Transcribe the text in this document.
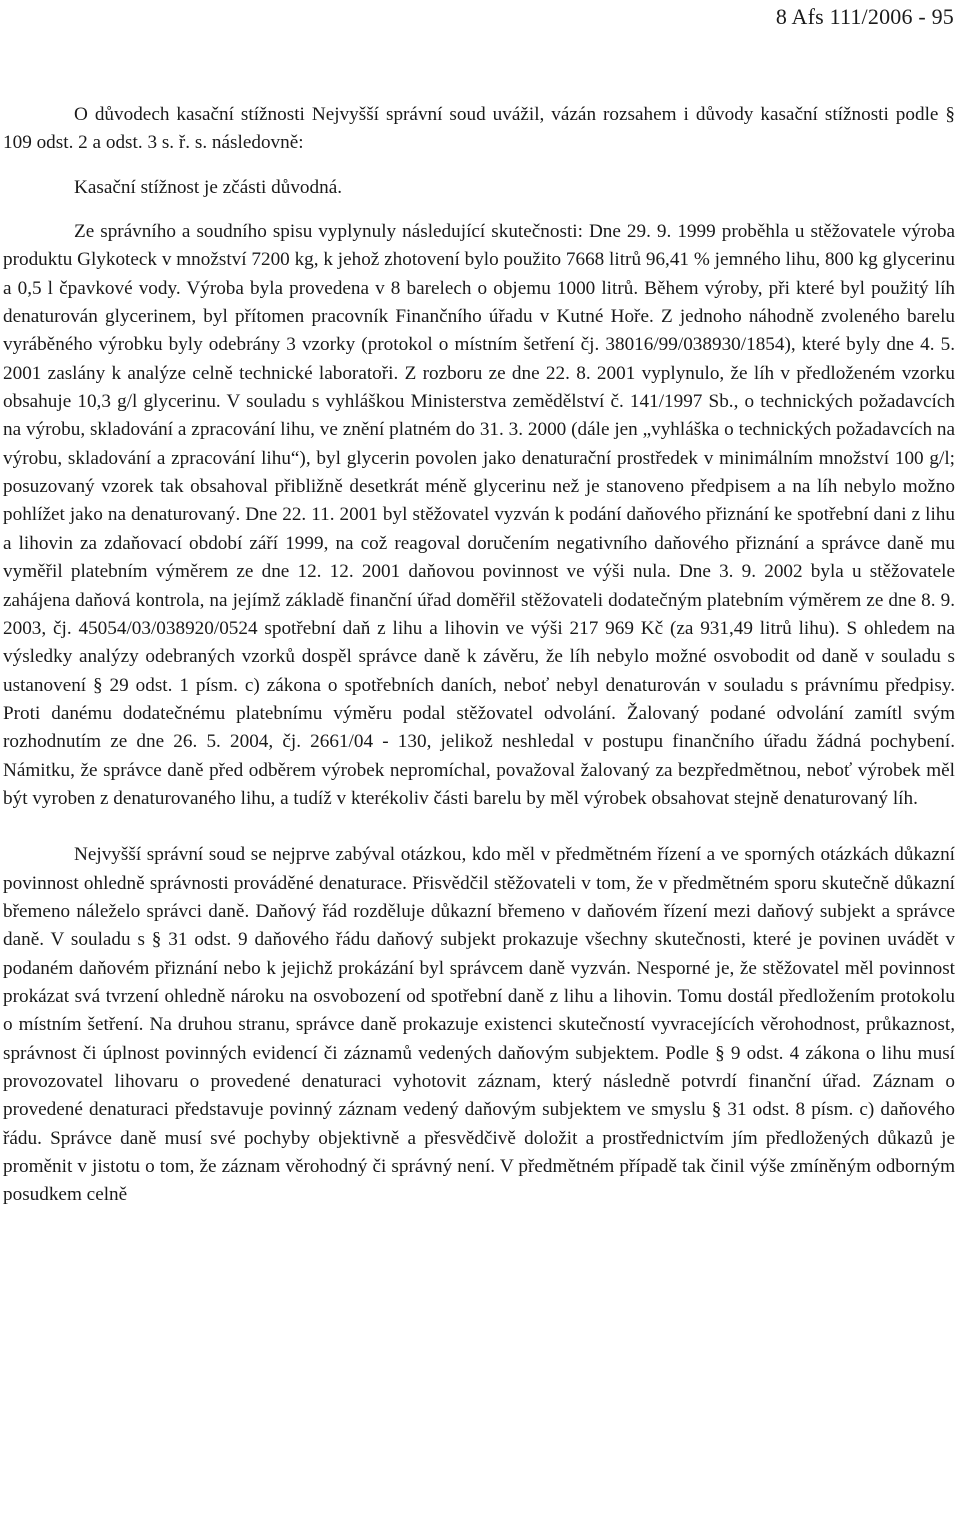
8 Afs 111/2006 - 95

O důvodech kasační stížnosti Nejvyšší správní soud uvážil, vázán rozsahem i důvody kasační stížnosti podle § 109 odst. 2 a odst. 3 s. ř. s. následovně:

Kasační stížnost je zčásti důvodná.

Ze správního a soudního spisu vyplynuly následující skutečnosti: Dne 29. 9. 1999 proběhla u stěžovatele výroba produktu Glykoteck v množství 7200 kg, k jehož zhotovení bylo použito 7668 litrů 96,41 % jemného lihu, 800 kg glycerinu a 0,5 l čpavkové vody. Výroba byla provedena v 8 barelech o objemu 1000 litrů. Během výroby, při které byl použitý líh denaturován glycerinem, byl přítomen pracovník Finančního úřadu v Kutné Hoře. Z jednoho náhodně zvoleného barelu vyráběného výrobku byly odebrány 3 vzorky (protokol o místním šetření čj. 38016/99/038930/1854), které byly dne 4. 5. 2001 zaslány k analýze celně technické laboratoři. Z rozboru ze dne 22. 8. 2001 vyplynulo, že líh v předloženém vzorku obsahuje 10,3 g/l glycerinu. V souladu s vyhláškou Ministerstva zemědělství č. 141/1997 Sb., o technických požadavcích na výrobu, skladování a zpracování lihu, ve znění platném do 31. 3. 2000 (dále jen „vyhláška o technických požadavcích na výrobu, skladování a zpracování lihu“), byl glycerin povolen jako denaturační prostředek v minimálním množství 100 g/l; posuzovaný vzorek tak obsahoval přibližně desetkrát méně glycerinu než je stanoveno předpisem a na líh nebylo možno pohlížet jako na denaturovaný. Dne 22. 11. 2001 byl stěžovatel vyzván k podání daňového přiznání ke spotřební dani z lihu a lihovin za zdaňovací období září 1999, na což reagoval doručením negativního daňového přiznání a správce daně mu vyměřil platebním výměrem ze dne 12. 12. 2001 daňovou povinnost ve výši nula. Dne 3. 9. 2002 byla u stěžovatele zahájena daňová kontrola, na jejímž základě finanční úřad doměřil stěžovateli dodatečným platebním výměrem ze dne 8. 9. 2003, čj. 45054/03/038920/0524 spotřební daň z lihu a lihovin ve výši 217 969 Kč (za 931,49 litrů lihu). S ohledem na výsledky analýzy odebraných vzorků dospěl správce daně k závěru, že líh nebylo možné osvobodit od daně v souladu s ustanovení § 29 odst. 1 písm. c) zákona o spotřebních daních, neboť nebyl denaturován v souladu s právnímu předpisy. Proti danému dodatečnému platebnímu výměru podal stěžovatel odvolání. Žalovaný podané odvolání zamítl svým rozhodnutím ze dne 26. 5. 2004, čj. 2661/04 - 130, jelikož neshledal v postupu finančního úřadu žádná pochybení. Námitku, že správce daně před odběrem výrobek nepromíchal, považoval žalovaný za bezpředmětnou, neboť výrobek měl být vyroben z denaturovaného lihu, a tudíž v kterékoliv části barelu by měl výrobek obsahovat stejně denaturovaný líh.

Nejvyšší správní soud se nejprve zabýval otázkou, kdo měl v předmětném řízení a ve sporných otázkách důkazní povinnost ohledně správnosti prováděné denaturace. Přisvědčil stěžovateli v tom, že v předmětném sporu skutečně důkazní břemeno náleželo správci daně. Daňový řád rozděluje důkazní břemeno v daňovém řízení mezi daňový subjekt a správce daně. V souladu s § 31 odst. 9 daňového řádu daňový subjekt prokazuje všechny skutečnosti, které je povinen uvádět v podaném daňovém přiznání nebo k jejichž prokázání byl správcem daně vyzván. Nesporné je, že stěžovatel měl povinnost prokázat svá tvrzení ohledně nároku na osvobození od spotřební daně z lihu a lihovin. Tomu dostál předložením protokolu o místním šetření. Na druhou stranu, správce daně prokazuje existenci skutečností vyvracejících věrohodnost, průkaznost, správnost či úplnost povinných evidencí či záznamů vedených daňovým subjektem. Podle § 9 odst. 4 zákona o lihu musí provozovatel lihovaru o provedené denaturaci vyhotovit záznam, který následně potvrdí finanční úřad. Záznam o provedené denaturaci představuje povinný záznam vedený daňovým subjektem ve smyslu § 31 odst. 8 písm. c) daňového řádu. Správce daně musí své pochyby objektivně a přesvědčivě doložit a prostřednictvím jím předložených důkazů je proměnit v jistotu o tom, že záznam věrohodný či správný není. V předmětném případě tak činil výše zmíněným odborným posudkem celně
